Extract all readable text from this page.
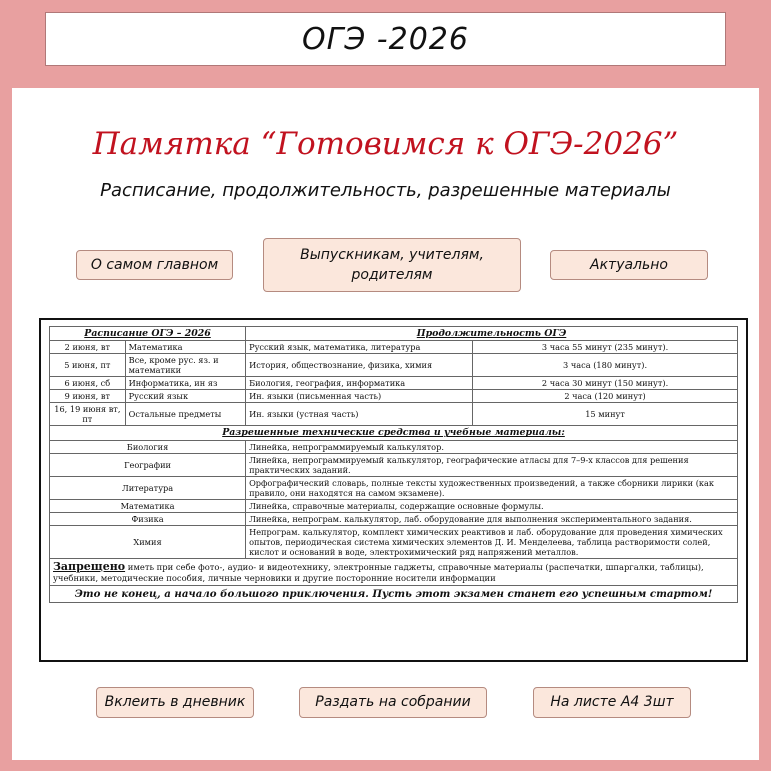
ОГЭ -2026
Памятка “Готовимся к ОГЭ-2026”
Расписание, продолжительность, разрешенные материалы
О самом главном
Выпускникам, учителям, родителям
Актуально
Расписание ОГЭ – 2026		Продолжительность ОГЭ	
2 июня, вт	Математика	Русский язык, математика, литература	3 часа 55 минут (235 минут).
5 июня, пт	Все, кроме рус. яз. и математики	История, обществознание, физика, химия	3 часа (180 минут).
6 июня, сб	Информатика, ин яз	Биология, география, информатика	2 часа 30 минут (150 минут).
9 июня, вт	Русский язык	Ин. языки (письменная часть)	2 часа (120 минут)
16, 19 июня вт, пт	Остальные предметы	Ин. языки (устная часть)	15 минут
Разрешенные технические средства и учебные материалы:			
Биология		Линейка, непрограммируемый калькулятор.	
Географии		Линейка, непрограммируемый калькулятор, географические атласы для 7–9-х классов для решения практических заданий.	
Литература		Орфографический словарь, полные тексты художественных произведений, а также сборники лирики (как правило, они находятся на самом экзамене).	
Математика		Линейка, справочные материалы, содержащие основные формулы.	
Физика		Линейка, непрограм. калькулятор, лаб. оборудование для выполнения экспериментального задания.	
Химия		Непрограм. калькулятор, комплект химических реактивов и лаб. оборудование для проведения химических опытов, периодическая система химических элементов Д. И. Менделеева, таблица растворимости солей, кислот и оснований в воде, электрохимический ряд напряжений металлов.	
Запрещено иметь при себе фото-, аудио- и видеотехнику, электронные гаджеты, справочные материалы (распечатки, шпаргалки, таблицы), учебники, методические пособия, личные черновики и другие посторонние носители информации			
Это не конец, а начало большого приключения. Пусть этот экзамен станет его успешным стартом!			
Вклеить в дневник	Раздать на собрании	На листе А4 3шт
